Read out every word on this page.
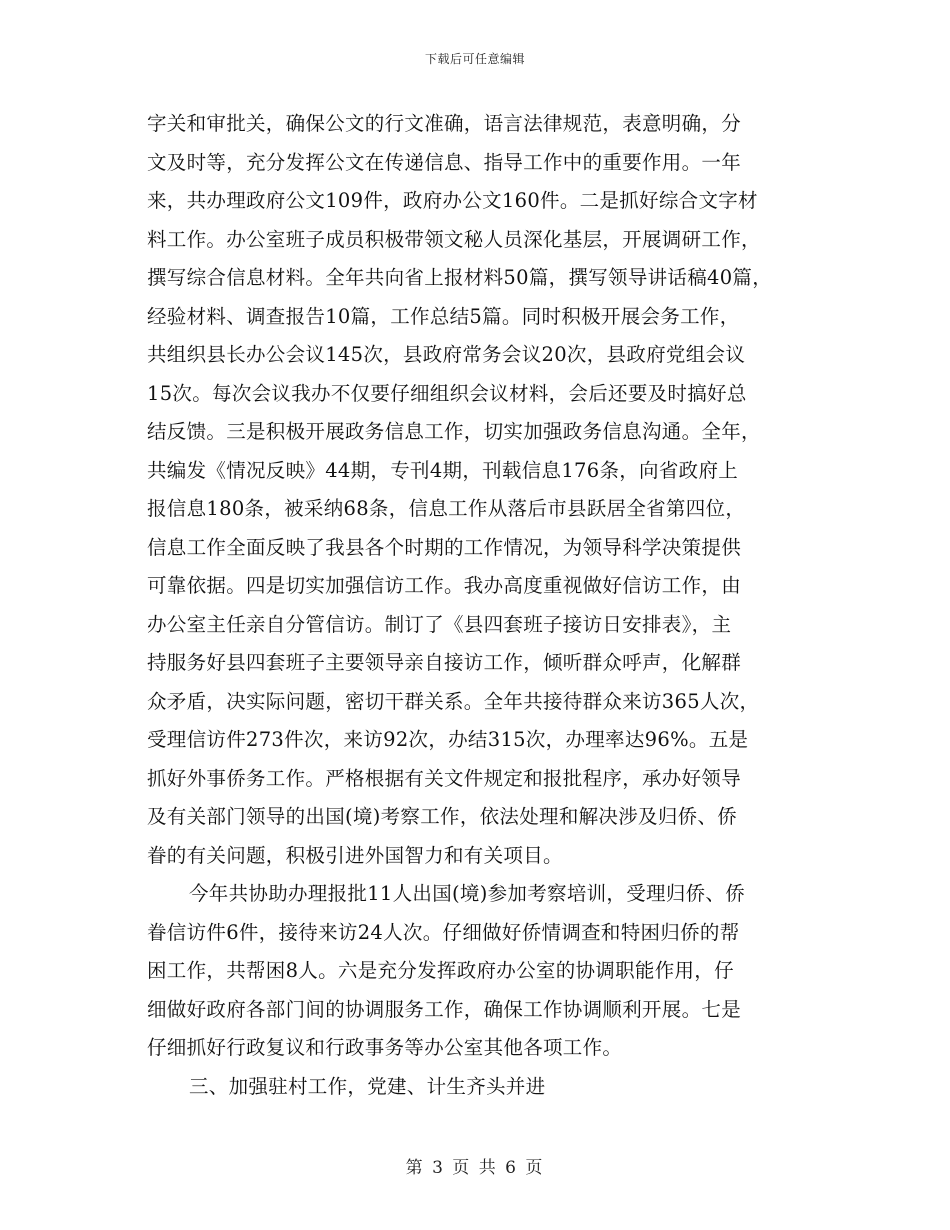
下载后可任意编辑
字关和审批关，确保公文的行文准确，语言法律规范，表意明确，分
文及时等，充分发挥公文在传递信息、指导工作中的重要作用。一年
来，共办理政府公文109件，政府办公文160件。二是抓好综合文字材
料工作。办公室班子成员积极带领文秘人员深化基层，开展调研工作，
撰写综合信息材料。全年共向省上报材料50篇，撰写领导讲话稿40篇，
经验材料、调查报告10篇，工作总结5篇。同时积极开展会务工作，
共组织县长办公会议145次，县政府常务会议20次，县政府党组会议
15次。每次会议我办不仅要仔细组织会议材料，会后还要及时搞好总
结反馈。三是积极开展政务信息工作，切实加强政务信息沟通。全年，
共编发《情况反映》44期，专刊4期，刊载信息176条，向省政府上
报信息180条，被采纳68条，信息工作从落后市县跃居全省第四位，
信息工作全面反映了我县各个时期的工作情况，为领导科学决策提供
可靠依据。四是切实加强信访工作。我办高度重视做好信访工作，由
办公室主任亲自分管信访。制订了《县四套班子接访日安排表》，主
持服务好县四套班子主要领导亲自接访工作，倾听群众呼声，化解群
众矛盾，决实际问题，密切干群关系。全年共接待群众来访365人次，
受理信访件273件次，来访92次，办结315次，办理率达96%。五是
抓好外事侨务工作。严格根据有关文件规定和报批程序，承办好领导
及有关部门领导的出国(境)考察工作，依法处理和解决涉及归侨、侨
眷的有关问题，积极引进外国智力和有关项目。
今年共协助办理报批11人出国(境)参加考察培训，受理归侨、侨
眷信访件6件，接待来访24人次。仔细做好侨情调查和特困归侨的帮
困工作，共帮困8人。六是充分发挥政府办公室的协调职能作用，仔
细做好政府各部门间的协调服务工作，确保工作协调顺利开展。七是
仔细抓好行政复议和行政事务等办公室其他各项工作。
三、加强驻村工作，党建、计生齐头并进
第 3 页 共 6 页
